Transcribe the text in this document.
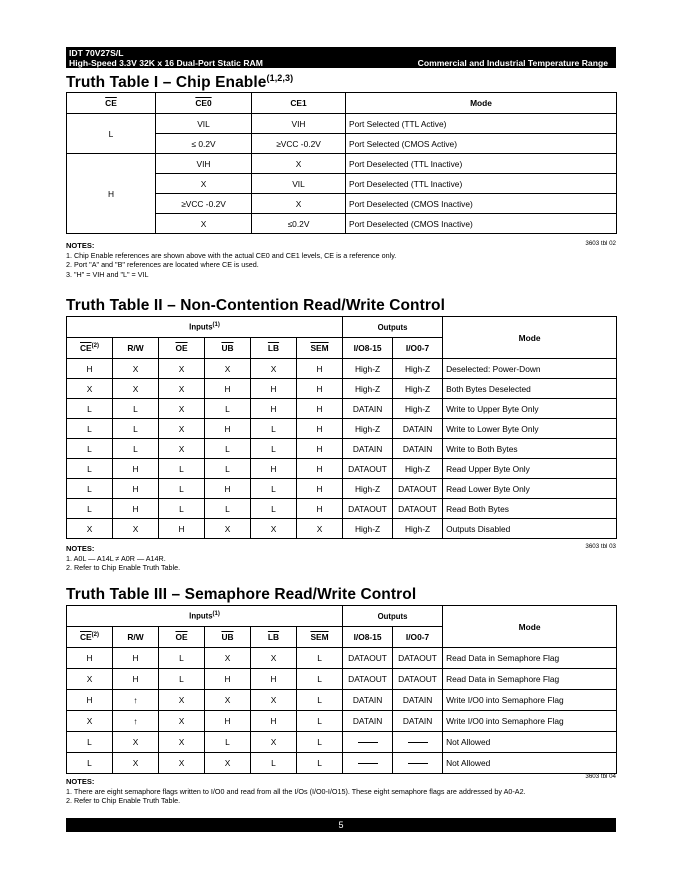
IDT 70V27S/L
High-Speed 3.3V 32K x 16 Dual-Port Static RAM	Commercial and Industrial Temperature Range
Truth Table I – Chip Enable$^{(1,2,3)}$
$\overline{CE}$	CE0	CE1	Mode
L	VIL	VIH	Port Selected (TTL Active)
	≤ 0.2V	≥VCC -0.2V	Port Selected (CMOS Active)
H	VIH	X	Port Deselected (TTL Inactive)
	X	VIL	Port Deselected (TTL Inactive)
	≥VCC -0.2V	X	Port Deselected (CMOS Inactive)
	X	≤0.2V	Port Deselected (CMOS Inactive)
3603 tbl 02
NOTES:
1. Chip Enable references are shown above with the actual CE0 and CE1 levels, CE is a reference only.
2. Port "A" and "B" references are located where CE is used.
3. "H" = VIH and "L" = VIL
Truth Table II – Non-Contention Read/Write Control
Inputs$^{(1)}$						Outputs		Mode
$\overline{CE}^{(2)}$	R/W	$\overline{OE}$	$\overline{UB}$	$\overline{LB}$	$\overline{SEM}$	I/O8-15	I/O0-7	
H	X	X	X	X	H	High-Z	High-Z	Deselected: Power-Down
X	X	X	H	H	H	High-Z	High-Z	Both Bytes Deselected
L	L	X	L	H	H	DATAIN	High-Z	Write to Upper Byte Only
L	L	X	H	L	H	High-Z	DATAIN	Write to Lower Byte Only
L	L	X	L	L	H	DATAIN	DATAIN	Write to Both Bytes
L	H	L	L	H	H	DATAOUT	High-Z	Read Upper Byte Only
L	H	L	H	L	H	High-Z	DATAOUT	Read Lower Byte Only
L	H	L	L	L	H	DATAOUT	DATAOUT	Read Both Bytes
X	X	H	X	X	X	High-Z	High-Z	Outputs Disabled
3603 tbl 03
NOTES:
1. A0L — A14L ≠ A0R — A14R.
2. Refer to Chip Enable Truth Table.
Truth Table III – Semaphore Read/Write Control
Inputs$^{(1)}$						Outputs		Mode
$\overline{CE}^{(2)}$	R/W	$\overline{OE}$	$\overline{UB}$	$\overline{LB}$	$\overline{SEM}$	I/O8-15	I/O0-7	
H	H	L	X	X	L	DATAOUT	DATAOUT	Read Data in Semaphore Flag
X	H	L	H	H	L	DATAOUT	DATAOUT	Read Data in Semaphore Flag
H	↑	X	X	X	L	DATAIN	DATAIN	Write I/O0 into Semaphore Flag
X	↑	X	H	H	L	DATAIN	DATAIN	Write I/O0 into Semaphore Flag
L	X	X	L	X	L			Not Allowed
L	X	X	X	L	L			Not Allowed
3603 tbl 04
NOTES:
1. There are eight semaphore flags written to I/O0 and read from all the I/Os (I/O0-I/O15). These eight semaphore flags are addressed by A0-A2.
2. Refer to Chip Enable Truth Table.
5
